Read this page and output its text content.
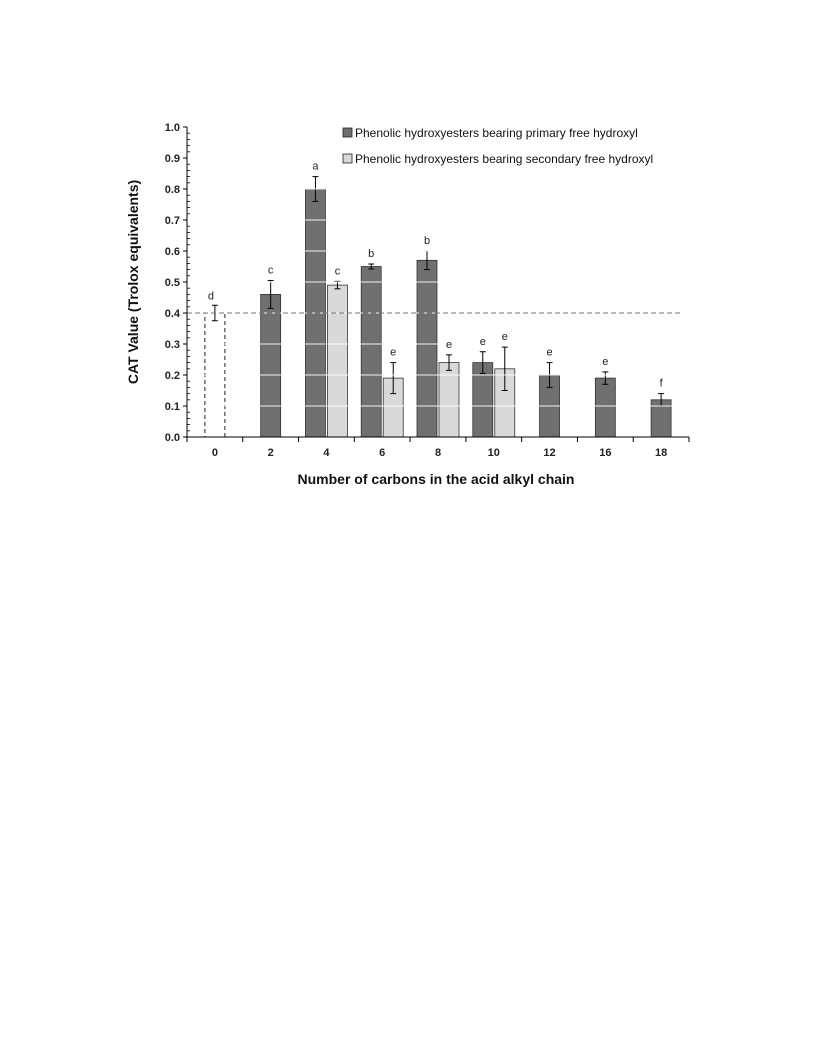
0.0
0.1
0.2
0.3
0.4
0.5
0.6
0.7
0.8
0.9
1.0
0	2	4	6	8	10	12	16	18
d
c
a
b
b
e
e
e
f
c
e
e
e
CAT Value (Trolox equivalents)
Number of carbons in the acid alkyl chain
Phenolic hydroxyesters bearing primary free hydroxyl
Phenolic hydroxyesters bearing secondary free hydroxyl
